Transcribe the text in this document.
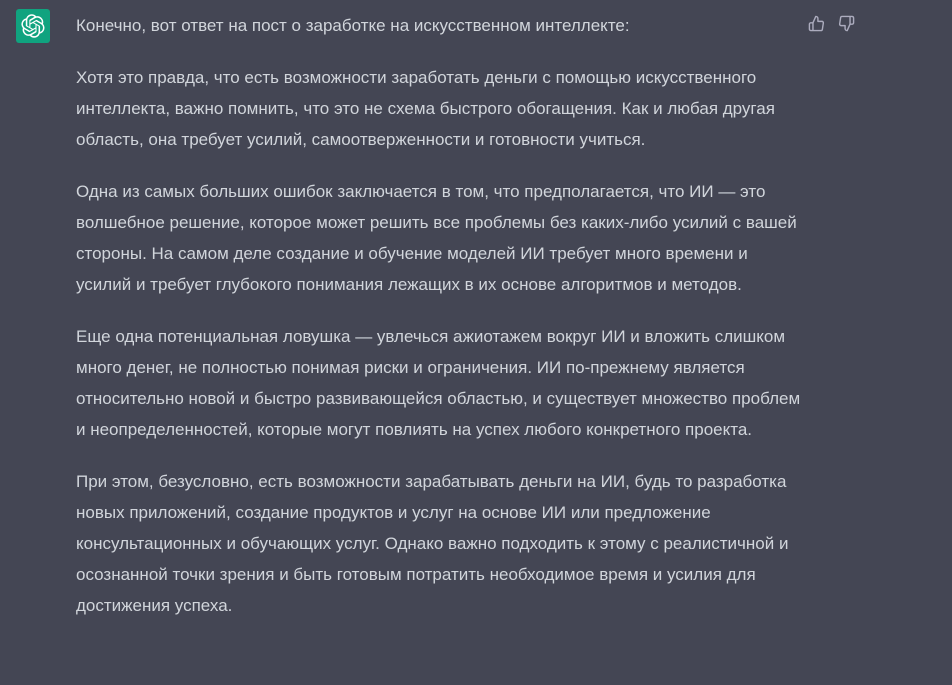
Конечно, вот ответ на пост о заработке на искусственном интеллекте:

Хотя это правда, что есть возможности заработать деньги с помощью искусственного интеллекта, важно помнить, что это не схема быстрого обогащения. Как и любая другая область, она требует усилий, самоотверженности и готовности учиться.

Одна из самых больших ошибок заключается в том, что предполагается, что ИИ — это волшебное решение, которое может решить все проблемы без каких-либо усилий с вашей стороны. На самом деле создание и обучение моделей ИИ требует много времени и усилий и требует глубокого понимания лежащих в их основе алгоритмов и методов.

Еще одна потенциальная ловушка — увлечься ажиотажем вокруг ИИ и вложить слишком много денег, не полностью понимая риски и ограничения. ИИ по-прежнему является относительно новой и быстро развивающейся областью, и существует множество проблем и неопределенностей, которые могут повлиять на успех любого конкретного проекта.

При этом, безусловно, есть возможности зарабатывать деньги на ИИ, будь то разработка новых приложений, создание продуктов и услуг на основе ИИ или предложение консультационных и обучающих услуг. Однако важно подходить к этому с реалистичной и осознанной точки зрения и быть готовым потратить необходимое время и усилия для достижения успеха.
